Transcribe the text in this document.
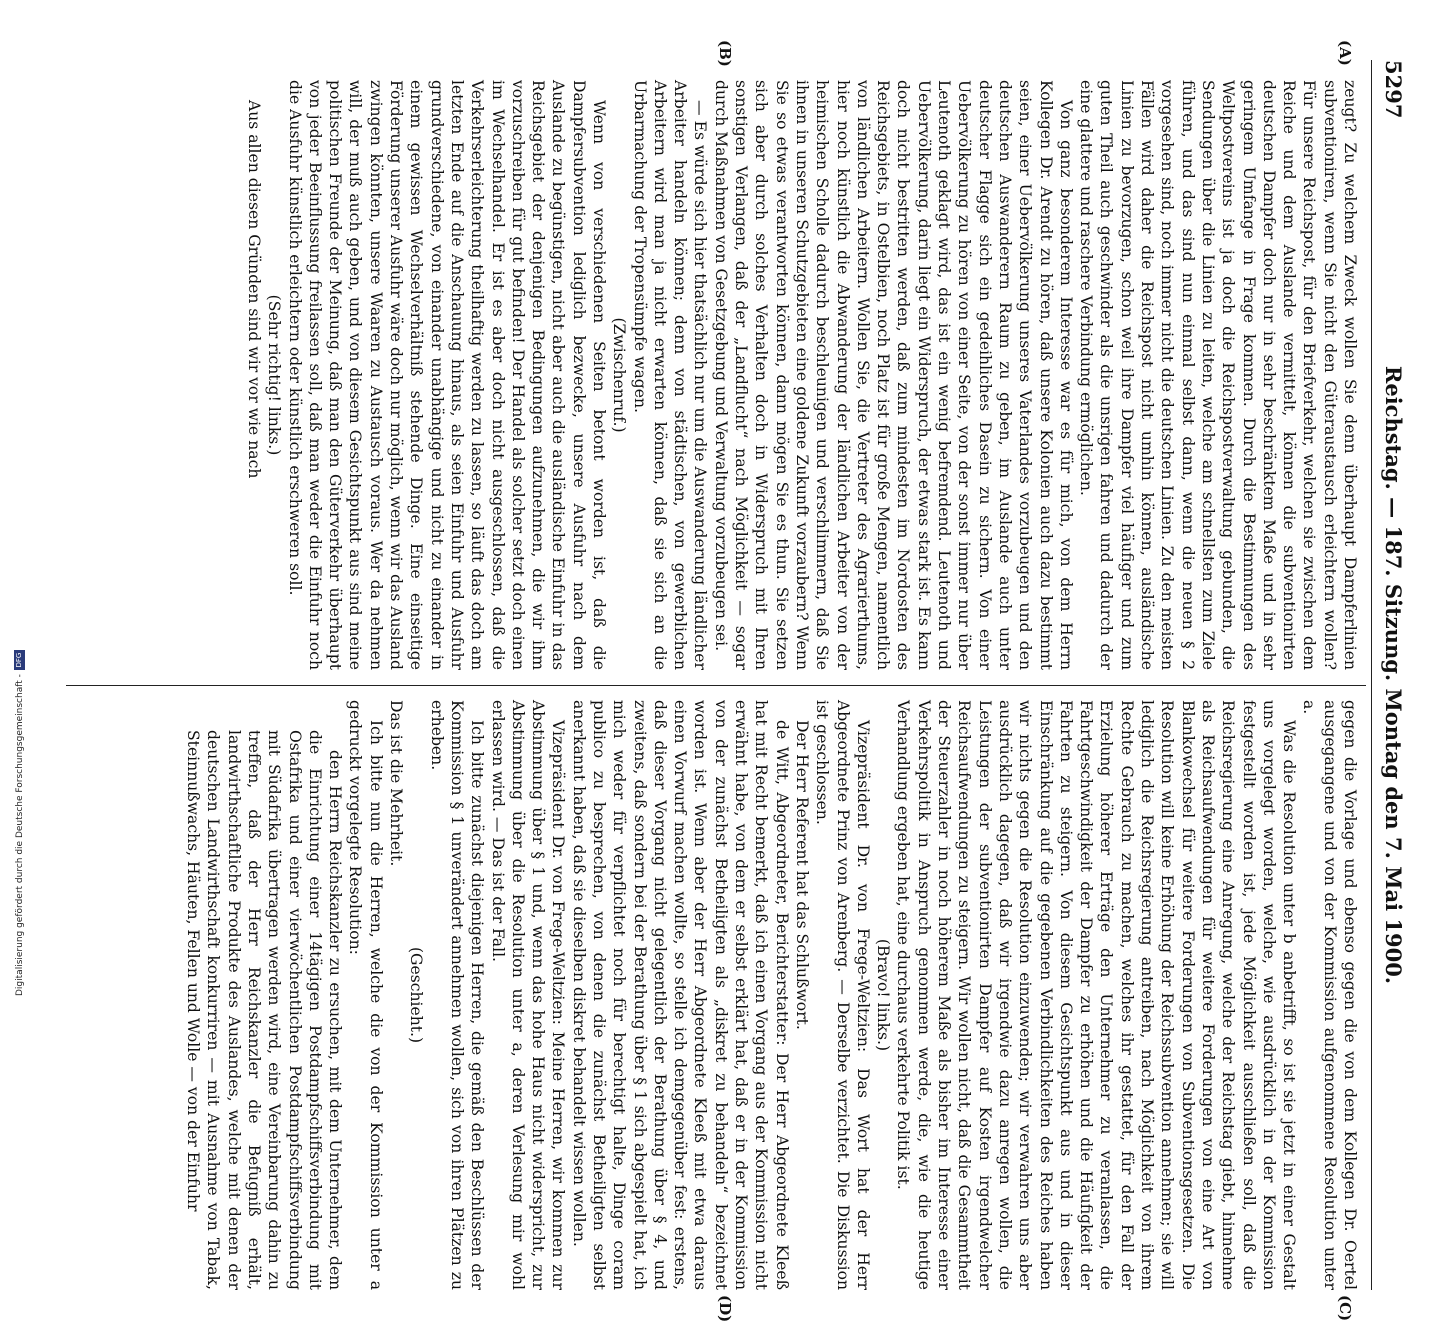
5297
Reichstag. — 187. Sitzung. Montag den 7. Mai 1900.
(A)
(B)
(C)
(D)

zeugt? Zu welchem Zweck wollen Sie denn überhaupt Dampferlinien subventioniren, wenn Sie nicht den Güteraustausch erleichtern wollen? Für unsere Reichspost, für den Briefverkehr, welchen sie zwischen dem Reiche und dem Auslande vermittelt, können die subventionirten deutschen Dampfer doch nur in sehr beschränktem Maße und in sehr geringem Umfange in Frage kommen. Durch die Bestimmungen des Weltpostvereins ist ja doch die Reichspostverwaltung gebunden, die Sendungen über die Linien zu leiten, welche am schnellsten zum Ziele führen, und das sind nun einmal selbst dann, wenn die neuen § 2 vorgesehen sind, noch immer nicht die deutschen Linien. Zu den meisten Fällen wird daher die Reichspost nicht umhin können, ausländische Linien zu bevorzugen, schon weil ihre Dampfer viel häufiger und zum guten Theil auch geschwinder als die unsrigen fahren und dadurch der eine glattere und raschere Verbindung ermöglichen.

Von ganz besonderem Interesse war es für mich, von dem Herrn Kollegen Dr. Arendt zu hören, daß unsere Kolonien auch dazu bestimmt seien, einer Uebervölkerung unseres Vaterlandes vorzubeugen und den deutschen Auswanderern Raum zu geben, im Auslande auch unter deutscher Flagge sich ein gedeihliches Dasein zu sichern. Von einer Uebervölkerung zu hören von einer Seite, von der sonst immer nur über Leutenoth geklagt wird, das ist ein wenig befremdend. Leutenoth und Uebervölkerung, darin liegt ein Widerspruch, der etwas stark ist. Es kann doch nicht bestritten werden, daß zum mindesten im Nordosten des Reichsgebiets, in Ostelbien, noch Platz ist für große Mengen, namentlich von ländlichen Arbeitern. Wollen Sie, die Vertreter des Agrarierthums, hier noch künstlich die Abwanderung der ländlichen Arbeiter von der heimischen Scholle dadurch beschleunigen und verschlimmern, daß Sie ihnen in unseren Schutzgebieten eine goldene Zukunft vorzaubern? Wenn Sie so etwas verantworten können, dann mögen Sie es thun. Sie setzen sich aber durch solches Verhalten doch in Widerspruch mit Ihren sonstigen Verlangen, daß der „Landflucht“ nach Möglichkeit — sogar durch Maßnahmen von Gesetzgebung und Verwaltung vorzubeugen sei.

— Es würde sich hier thatsächlich nur um die Auswanderung ländlicher Arbeiter handeln können; denn von städtischen, von gewerblichen Arbeitern wird man ja nicht erwarten können, daß sie sich an die Urbarmachung der Tropensümpfe wagen.

(Zwischenruf.)

Wenn von verschiedenen Seiten betont worden ist, daß die Dampfersubvention lediglich bezwecke, unsere Ausfuhr nach dem Auslande zu begünstigen, nicht aber auch die ausländische Einfuhr in das Reichsgebiet der denjenigen Bedingungen aufzunehmen, die wir ihm vorzuschreiben für gut befinden! Der Handel als solcher setzt doch einen im Wechselhandel. Er ist es aber doch nicht ausgeschlossen, daß die Verkehrserleichterung theilhaftig werden zu lassen, so läuft das doch am letzten Ende auf die Anschauung hinaus, als seien Einfuhr und Ausfuhr grundverschiedene, von einander unabhängige und nicht zu einander in einem gewissen Wechselverhältniß stehende Dinge. Eine einseitige Förderung unserer Ausfuhr wäre doch nur möglich, wenn wir das Ausland zwingen könnten, unsere Waaren zu Austausch voraus. Wer da nehmen will, der muß auch geben, und von diesem Gesichtspunkt aus sind meine politischen Freunde der Meinung, daß man den Güterverkehr überhaupt von jeder Beeinflussung freilassen soll, daß man weder die Einfuhr noch die Ausfuhr künstlich erleichtern oder künstlich erschweren soll.

(Sehr richtig! links.)

Aus allen diesen Gründen sind wir vor wie nach

gegen die Vorlage und ebenso gegen die von dem Kollegen Dr. Oertel ausgegangene und von der Kommission aufgenommene Resolution unter a.

Was die Resolution unter b anbetrifft, so ist sie jetzt in einer Gestalt uns vorgelegt worden, welche, wie ausdrücklich in der Kommission festgestellt worden ist, jede Möglichkeit ausschließen soll, daß die Reichsregierung eine Anregung, welche der Reichstag giebt, hinnehme als Reichsaufwendungen für weitere Forderungen von eine Art von Blankowechsel für weitere Forderungen von Subventionsgesetzen. Die Resolution will keine Erhöhung der Reichssubvention annehmen; sie will lediglich die Reichsregierung antreiben, nach Möglichkeit von ihrem Rechte Gebrauch zu machen, welches ihr gestattet, für den Fall der Erzielung höherer Erträge den Unternehmer zu veranlassen, die Fahrtgeschwindigkeit der Dampfer zu erhöhen und die Häufigkeit der Fahrten zu steigern. Von diesem Gesichtspunkt aus und in dieser Einschränkung auf die gegebenen Verbindlichkeiten des Reiches haben wir nichts gegen die Resolution einzuwenden; wir verwahren uns aber ausdrücklich dagegen, daß wir irgendwie dazu anregen wollen, die Leistungen der subventionirten Dampfer auf Kosten irgendwelcher Reichsaufwendungen zu steigern. Wir wollen nicht, daß die Gesammtheit der Steuerzahler in noch höherem Maße als bisher im Interesse einer Verkehrspolitik in Anspruch genommen werde, die, wie die heutige Verhandlung ergeben hat, eine durchaus verkehrte Politik ist.

(Bravo! links.)

Vizepräsident Dr. von Frege-Weltzien: Das Wort hat der Herr Abgeordnete Prinz von Arenberg. — Derselbe verzichtet. Die Diskussion ist geschlossen.

Der Herr Referent hat das Schlußwort.

de Witt, Abgeordneter, Berichterstatter: Der Herr Abgeordnete Kleeß hat mit Recht bemerkt, daß ich einen Vorgang aus der Kommission nicht erwähnt habe, von dem er selbst erklärt hat, daß er in der Kommission von der zunächst Betheiligten als „diskret zu behandeln“ bezeichnet worden ist. Wenn aber der Herr Abgeordnete Kleeß mit etwa daraus einen Vorwurf machen wollte, so stelle ich demgegenüber fest: erstens, daß dieser Vorgang nicht gelegentlich der Berathung über § 4, und zweitens, daß sondern bei der Berathung über § 1 sich abgespielt hat, ich mich weder für verpflichtet noch für berechtigt halte, Dinge coram publico zu besprechen, von denen die zunächst Betheiligten selbst anerkannt haben, daß sie dieselben diskret behandelt wissen wollen.

Vizepräsident Dr. von Frege-Weltzien: Meine Herren, wir kommen zur Abstimmung über § 1 und, wenn das hohe Haus nicht widerspricht, zur Abstimmung über die Resolution unter a, deren Verlesung mir wohl erlassen wird. — Das ist der Fall.

Ich bitte zunächst diejenigen Herren, die gemäß den Beschlüssen der Kommission § 1 unverändert annehmen wollen, sich von ihren Plätzen zu erheben.

(Geschieht.)

Das ist die Mehrheit.

Ich bitte nun die Herren, welche die von der Kommission unter a gedruckt vorgelegte Resolution:

den Herrn Reichskanzler zu ersuchen, mit dem Unternehmer, dem die Einrichtung einer 14tägigen Postdampfschiffsverbindung mit Ostafrika und einer vierwöchentlichen Postdampfschiffsverbindung mit Südafrika übertragen werden wird, eine Vereinbarung dahin zu treffen, daß der Herr Reichskanzler die Befugniß erhält, landwirthschaftliche Produkte des Auslandes, welche mit denen der deutschen Landwirthschaft konkurriren — mit Ausnahme von Tabak, Steinnußwachs, Häuten, Fellen und Wolle — von der Einfuhr

Digitalisierung gefördert durch die Deutsche Forschungsgemeinschaft -DFG
